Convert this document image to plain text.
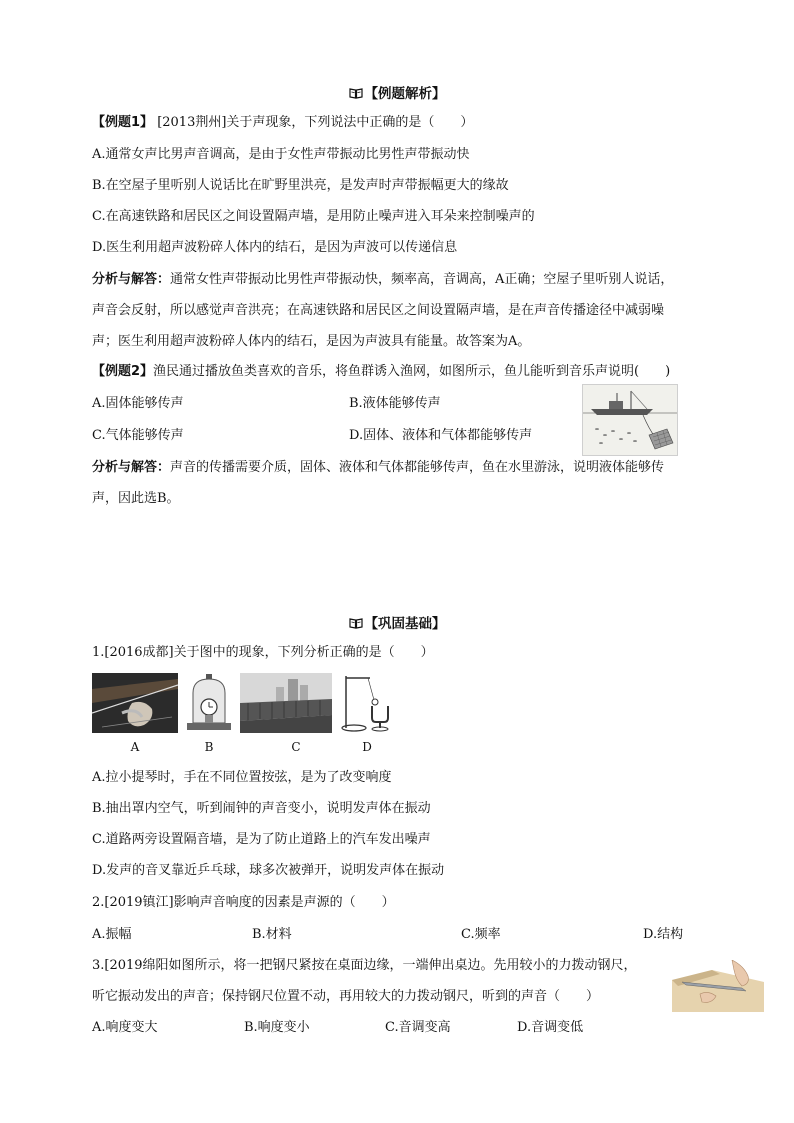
【例题解析】
【例题1】 [2013荆州]关于声现象，下列说法中正确的是（　　）
A.通常女声比男声音调高，是由于女性声带振动比男性声带振动快
B.在空屋子里听别人说话比在旷野里洪亮，是发声时声带振幅更大的缘故
C.在高速铁路和居民区之间设置隔声墙，是用防止噪声进入耳朵来控制噪声的
D.医生利用超声波粉碎人体内的结石，是因为声波可以传递信息
分析与解答：通常女性声带振动比男性声带振动快，频率高，音调高，A正确；空屋子里听别人说话，
声音会反射，所以感觉声音洪亮；在高速铁路和居民区之间设置隔声墙，是在声音传播途径中减弱噪
声；医生利用超声波粉碎人体内的结石，是因为声波具有能量。故答案为A。
【例题2】渔民通过播放鱼类喜欢的音乐，将鱼群诱入渔网，如图所示，鱼儿能听到音乐声说明(　　)
A.固体能够传声	B.液体能够传声
C.气体能够传声	D.固体、液体和气体都能够传声
分析与解答：声音的传播需要介质，固体、液体和气体都能够传声，鱼在水里游泳，说明液体能够传
声，因此选B。
【巩固基础】
1.[2016成都]关于图中的现象，下列分析正确的是（　　）
A	B	C	D
A.拉小提琴时，手在不同位置按弦，是为了改变响度
B.抽出罩内空气，听到闹钟的声音变小，说明发声体在振动
C.道路两旁设置隔音墙，是为了防止道路上的汽车发出噪声
D.发声的音叉靠近乒乓球，球多次被弹开，说明发声体在振动
2.[2019镇江]影响声音响度的因素是声源的（　　）
A.振幅	B.材料	C.频率	D.结构
3.[2019绵阳如图所示，将一把钢尺紧按在桌面边缘，一端伸出桌边。先用较小的力拨动钢尺，
听它振动发出的声音；保持钢尺位置不动，再用较大的力拨动钢尺，听到的声音（　　）
A.响度变大	B.响度变小	C.音调变高	D.音调变低
